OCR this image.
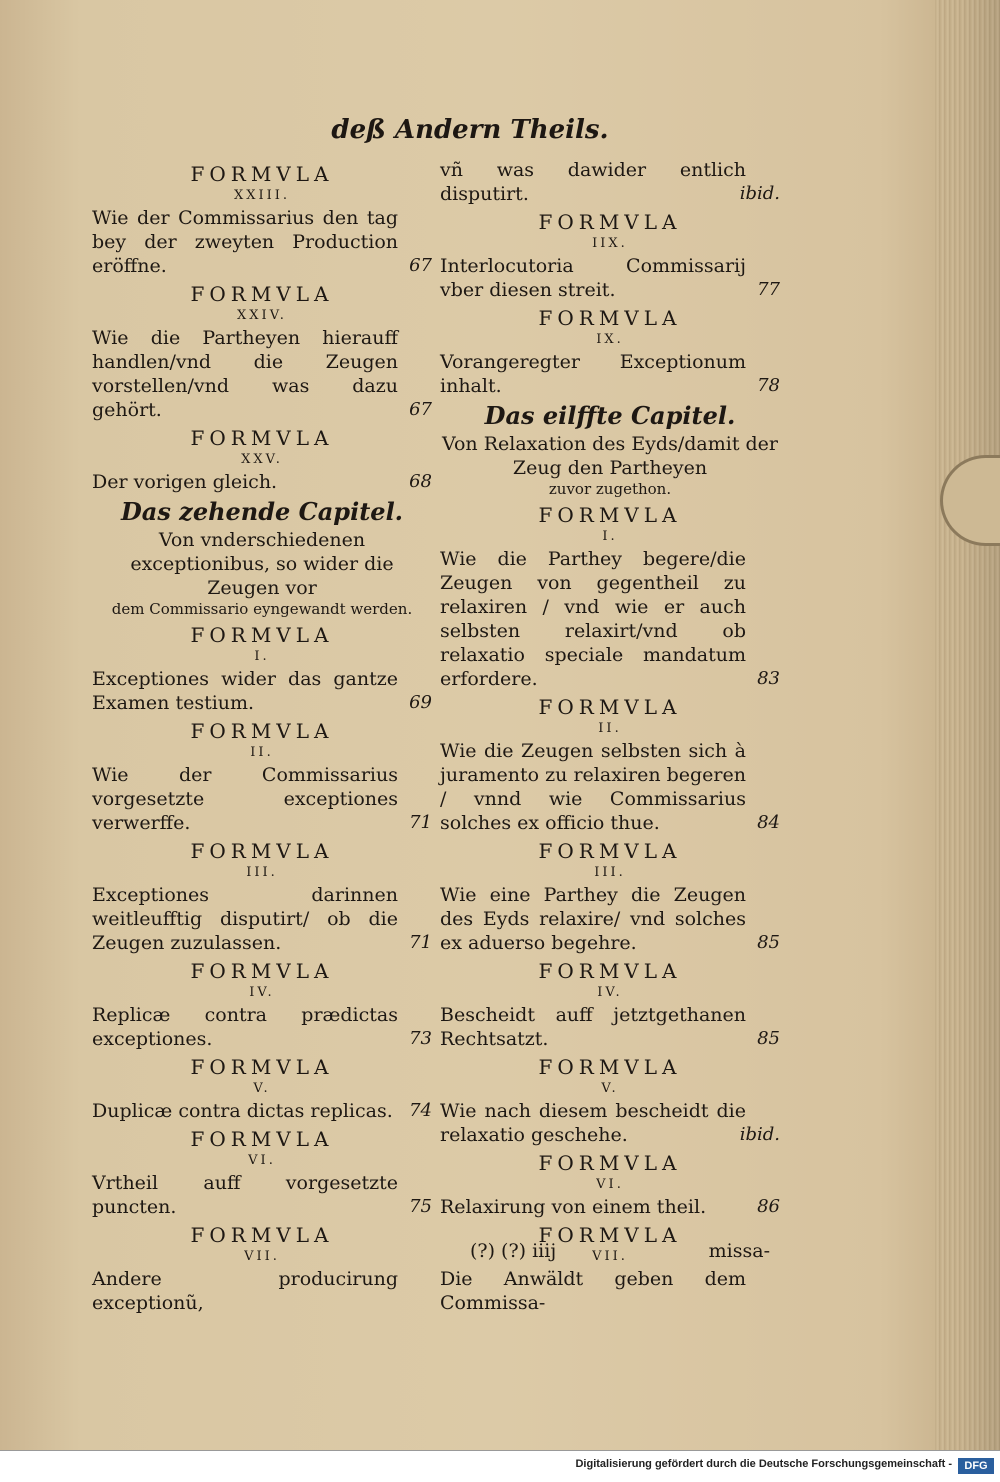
deß Andern Theils.
FORMVLA
XXIII.
Wie der Commissarius den tag bey der zweyten Production eröffne.	67
FORMVLA
XXIV.
Wie die Partheyen hierauff handlen/vnd die Zeugen vorstellen/vnd was dazu gehört.	67
FORMVLA
XXV.
Der vorigen gleich.	68
Das zehende Capitel.
Von vnderschiedenen exceptionibus, so wider die Zeugen vor
dem Commissario eyngewandt werden.
FORMVLA
I.
Exceptiones wider das gantze Examen testium.	69
FORMVLA
II.
Wie der Commissarius vorgesetzte exceptiones verwerffe.	71
FORMVLA
III.
Exceptiones darinnen weitleufftig disputirt/ ob die Zeugen zuzulassen.	71
FORMVLA
IV.
Replicæ contra prædictas exceptiones.	73
FORMVLA
V.
Duplicæ contra dictas replicas. 74
FORMVLA
VI.
Vrtheil auff vorgesetzte puncten.	75
FORMVLA
VII.
Andere producirung exceptionũ,
vñ was dawider entlich disputirt.	ibid.
FORMVLA
IIX.
Interlocutoria Commissarij vber diesen streit.	77
FORMVLA
IX.
Vorangeregter Exceptionum inhalt.	78
Das eilffte Capitel.
Von Relaxation des Eyds/damit der Zeug den Partheyen
zuvor zugethon.
FORMVLA
I.
Wie die Parthey begere/die Zeugen von gegentheil zu relaxiren / vnd wie er auch selbsten relaxirt/vnd ob relaxatio speciale mandatum erfordere.	83
FORMVLA
II.
Wie die Zeugen selbsten sich à juramento zu relaxiren begeren / vnnd wie Commissarius solches ex officio thue.	84
FORMVLA
III.
Wie eine Parthey die Zeugen des Eyds relaxire/ vnd solches ex aduerso begehre.	85
FORMVLA
IV.
Bescheidt auff jetztgethanen Rechtsatzt.	85
FORMVLA
V.
Wie nach diesem bescheidt die relaxatio geschehe.	ibid.
FORMVLA
VI.
Relaxirung von einem theil.	86
FORMVLA
VII.
Die Anwäldt geben dem Commissa-
(?) (?) iiij	missa-
Digitalisierung gefördert durch die Deutsche Forschungsgemeinschaft -	DFG
